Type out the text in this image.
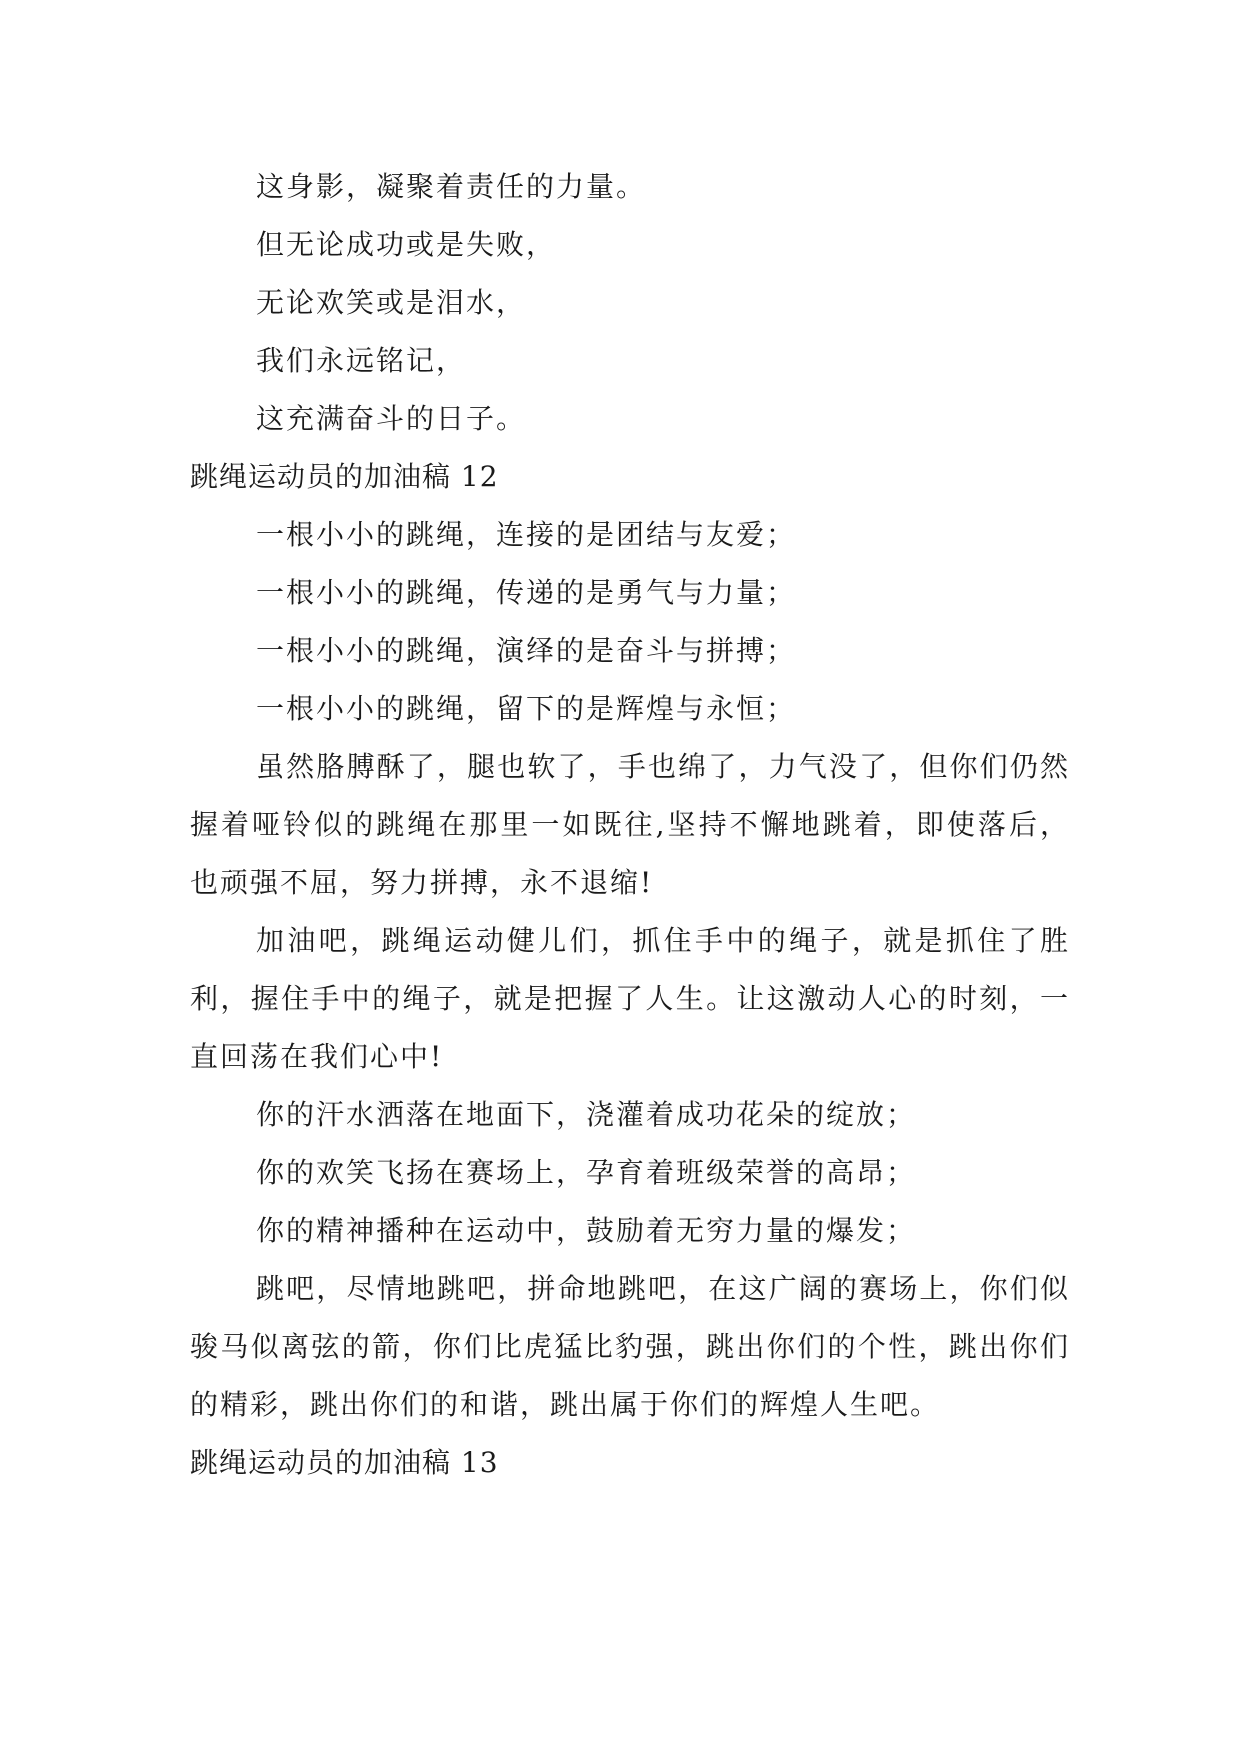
这身影，凝聚着责任的力量。
但无论成功或是失败，
无论欢笑或是泪水，
我们永远铭记，
这充满奋斗的日子。
跳绳运动员的加油稿 12
一根小小的跳绳，连接的是团结与友爱；
一根小小的跳绳，传递的是勇气与力量；
一根小小的跳绳，演绎的是奋斗与拼搏；
一根小小的跳绳，留下的是辉煌与永恒；

虽然胳膊酥了，腿也软了，手也绵了，力气没了，但你们仍然握着哑铃似的跳绳在那里一如既往,坚持不懈地跳着，即使落后，也顽强不屈，努力拼搏，永不退缩!

加油吧，跳绳运动健儿们，抓住手中的绳子，就是抓住了胜利，握住手中的绳子，就是把握了人生。让这激动人心的时刻，一直回荡在我们心中!

你的汗水洒落在地面下，浇灌着成功花朵的绽放；
你的欢笑飞扬在赛场上，孕育着班级荣誉的高昂；
你的精神播种在运动中，鼓励着无穷力量的爆发；

跳吧，尽情地跳吧，拼命地跳吧，在这广阔的赛场上，你们似骏马似离弦的箭，你们比虎猛比豹强，跳出你们的个性，跳出你们的精彩，跳出你们的和谐，跳出属于你们的辉煌人生吧。

跳绳运动员的加油稿 13
